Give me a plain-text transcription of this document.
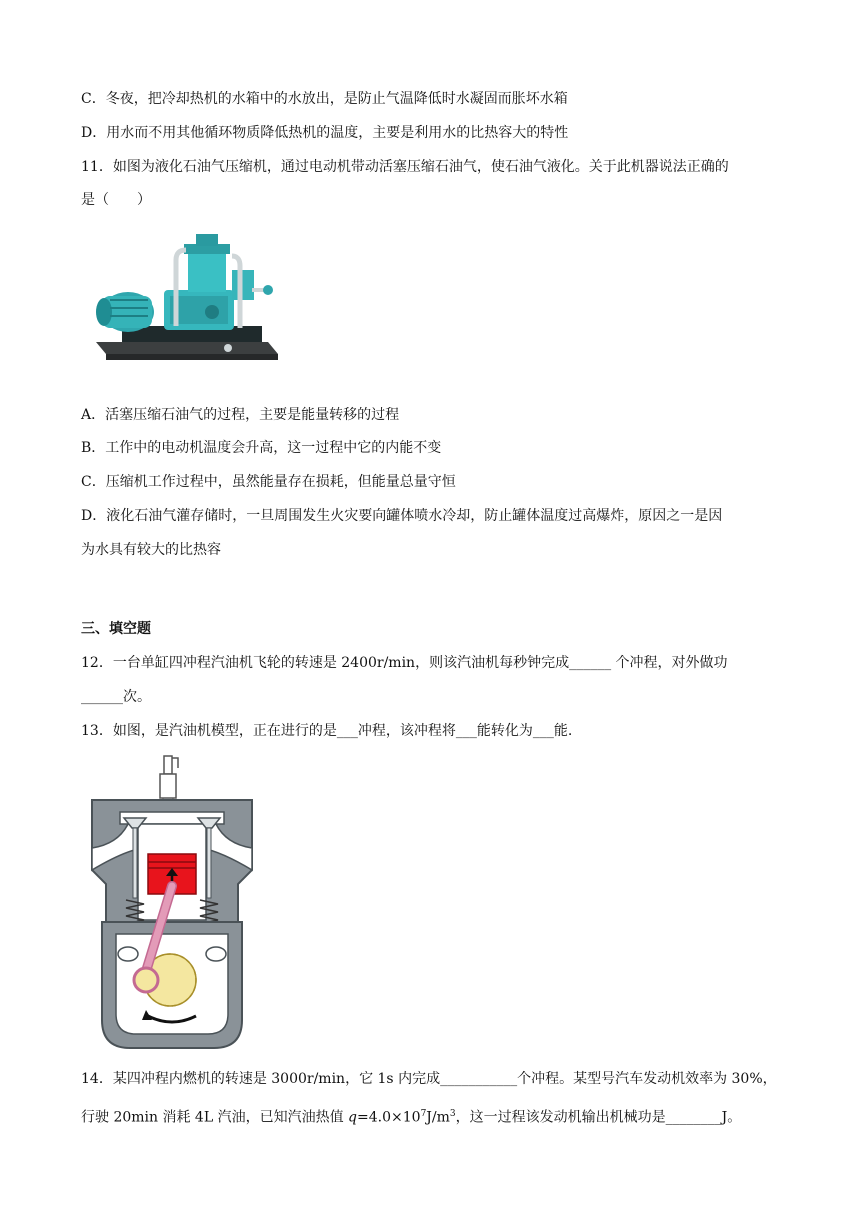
C．冬夜，把冷却热机的水箱中的水放出，是防止气温降低时水凝固而胀坏水箱
D．用水而不用其他循环物质降低热机的温度，主要是利用水的比热容大的特性
11．如图为液化石油气压缩机，通过电动机带动活塞压缩石油气，使石油气液化。关于此机器说法正确的
是（　　）
A．活塞压缩石油气的过程，主要是能量转移的过程
B．工作中的电动机温度会升高，这一过程中它的内能不变
C．压缩机工作过程中，虽然能量存在损耗，但能量总量守恒
D．液化石油气灌存储时，一旦周围发生火灾要向罐体喷水冷却，防止罐体温度过高爆炸，原因之一是因
为水具有较大的比热容
三、填空题
12．一台单缸四冲程汽油机飞轮的转速是 2400r/min，则该汽油机每秒钟完成______ 个冲程，对外做功
______次。
13．如图，是汽油机模型，正在进行的是___冲程，该冲程将___能转化为___能.
14．某四冲程内燃机的转速是 3000r/min，它 1s 内完成___________个冲程。某型号汽车发动机效率为 30%，
行驶 20min 消耗 4L 汽油，已知汽油热值 $q=4.0\times 10^7J/m^3$，这一过程该发动机输出机械功是________J。
